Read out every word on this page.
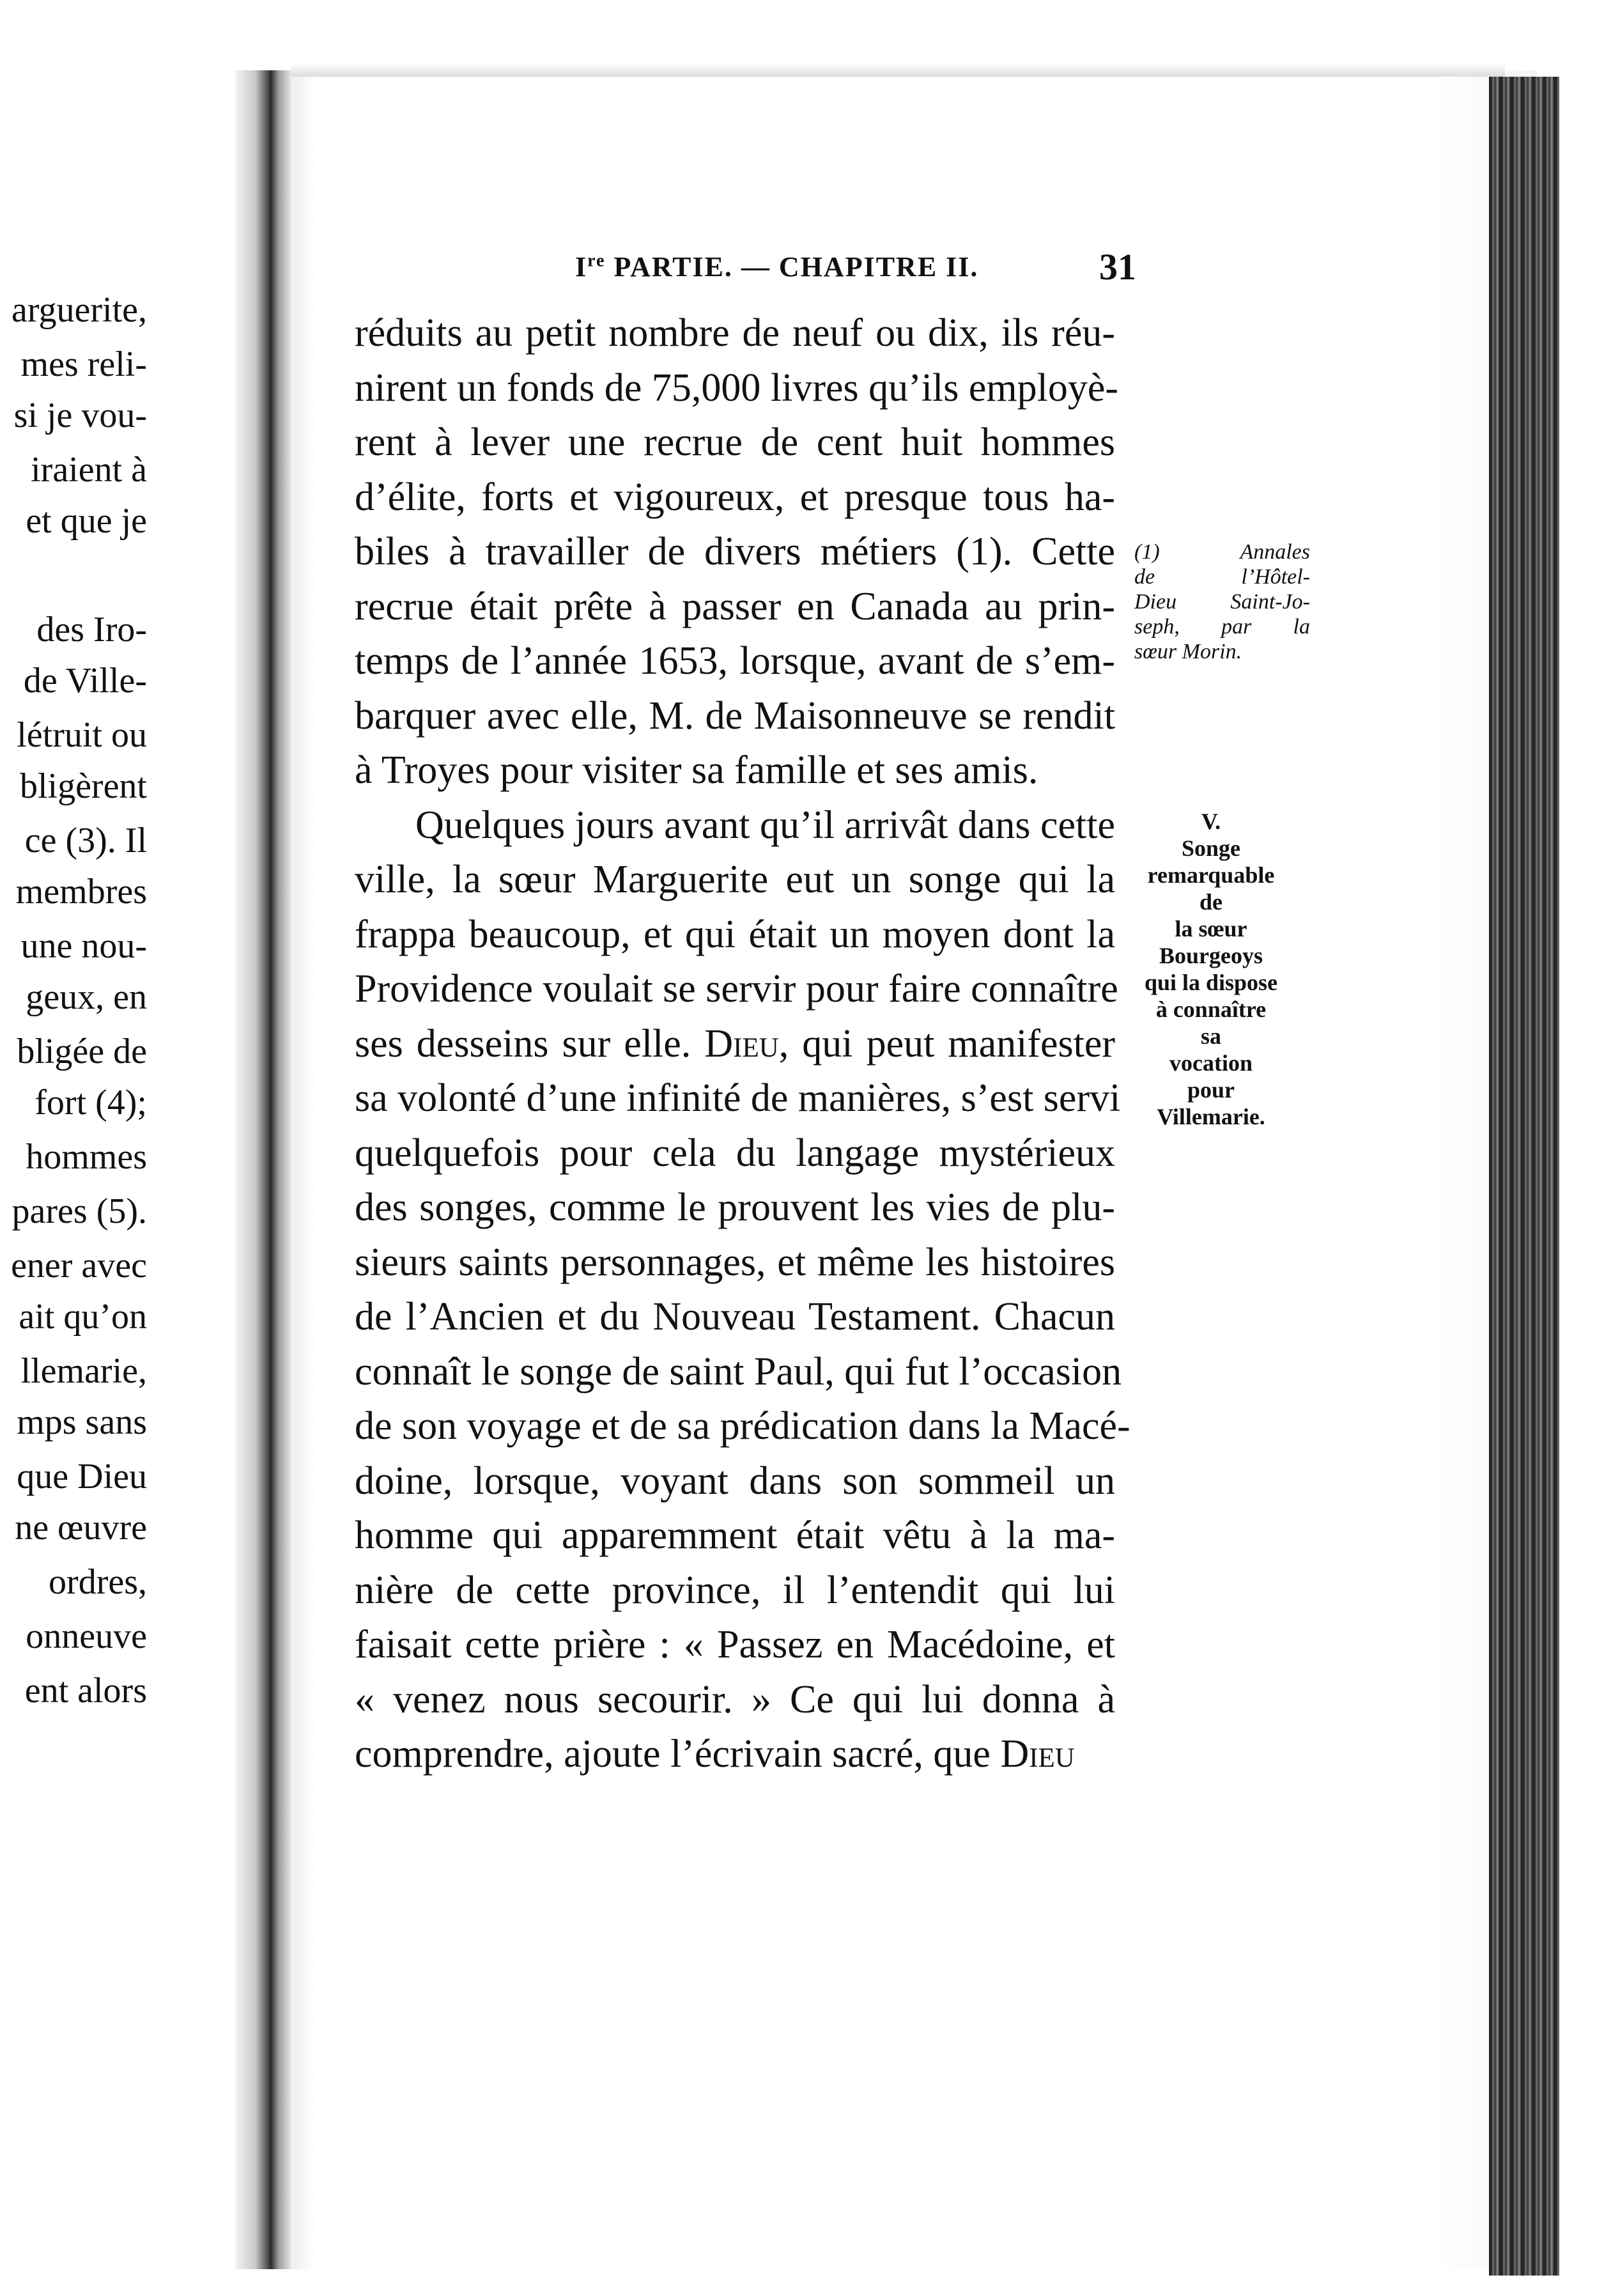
arguerite,
mes reli-
si je vou-
iraient à
et que je
des Iro-
de Ville-
létruit ou
bligèrent
ce (3). Il
membres
une nou-
geux, en
bligée de
fort (4);
hommes
pares (5).
ener avec
ait qu’on
llemarie,
mps sans
que Dieu
ne œuvre
ordres,
onneuve
ent alors
Ire PARTIE. — CHAPITRE II.	31
réduits au petit nombre de neuf ou dix, ils réu-
nirent un fonds de 75,000 livres qu’ils employè-
rent à lever une recrue de cent huit hommes
d’élite, forts et vigoureux, et presque tous ha-
biles à travailler de divers métiers (1). Cette
recrue était prête à passer en Canada au prin-
temps de l’année 1653, lorsque, avant de s’em-
barquer avec elle, M. de Maisonneuve se rendit
à Troyes pour visiter sa famille et ses amis.
Quelques jours avant qu’il arrivât dans cette
ville, la sœur Marguerite eut un songe qui la
frappa beaucoup, et qui était un moyen dont la
Providence voulait se servir pour faire connaître
ses desseins sur elle. Dieu, qui peut manifester
sa volonté d’une infinité de manières, s’est servi
quelquefois pour cela du langage mystérieux
des songes, comme le prouvent les vies de plu-
sieurs saints personnages, et même les histoires
de l’Ancien et du Nouveau Testament. Chacun
connaît le songe de saint Paul, qui fut l’occasion
de son voyage et de sa prédication dans la Macé-
doine, lorsque, voyant dans son sommeil un
homme qui apparemment était vêtu à la ma-
nière de cette province, il l’entendit qui lui
faisait cette prière : « Passez en Macédoine, et
« venez nous secourir. » Ce qui lui donna à
comprendre, ajoute l’écrivain sacré, que Dieu
(1) Annales
de l’Hôtel-
Dieu Saint-Jo-
seph, par la
sœur Morin.
V.
Songe
remarquable
de
la sœur
Bourgeoys
qui la dispose
à connaître
sa
vocation
pour
Villemarie.
